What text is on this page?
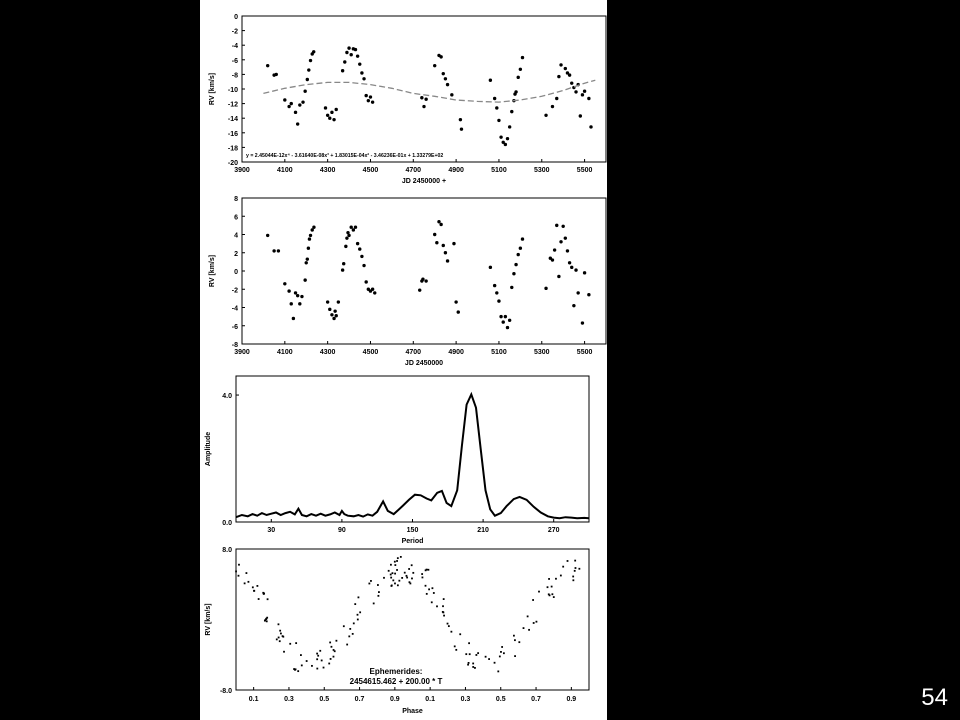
0
-2
-4
-6
-8
-10
-12
-14
-16
-18
-20
3900	4100	4300	4500	4700	4900	5100	5300	5500
JD 2450000 +
RV [km/s]
y = 2.45044E-12x⁴ - 3.61640E-08x³ + 1.83015E-04x² - 3.46236E-01x + 1.33279E+02
8
6
4
2
0
-2
-4
-6
-8
3900	4100	4300	4500	4700	4900	5100	5300	5500
JD 2450000
RV [km/s]
4.0
0.0
30	90	150	210	270
Period
Amplitude
8.0
-8.0
0.1	0.3	0.5	0.7	0.9	0.1	0.3	0.5	0.7	0.9
Phase
RV [km/s]
Ephemerides:
2454615.462 + 200.00 * T
54
